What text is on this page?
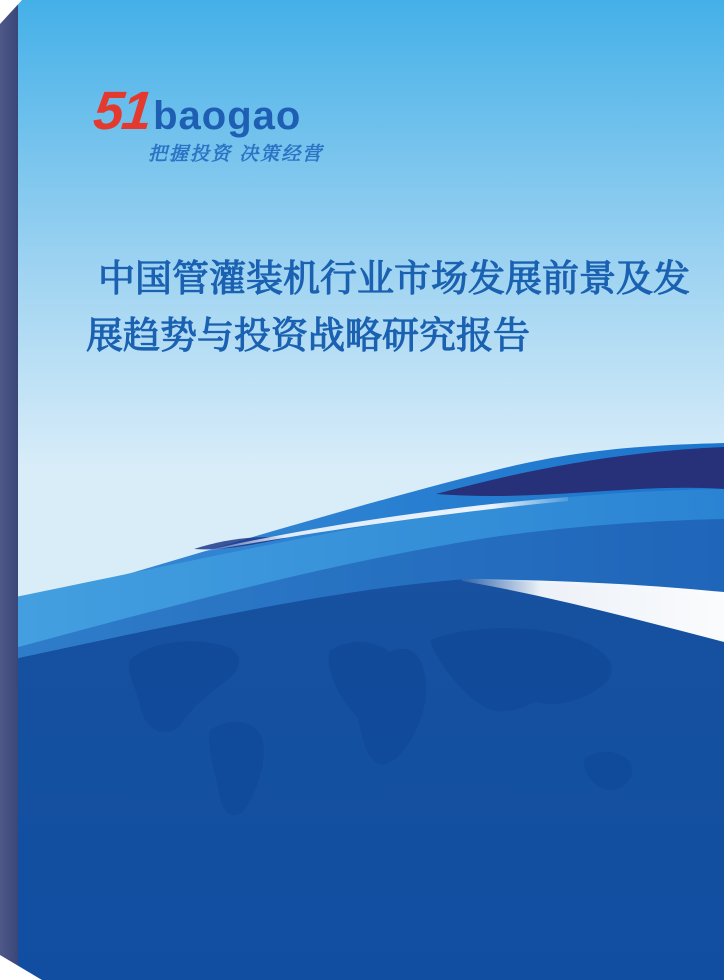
51 baogao
把握投资 决策经营
中国管灌装机行业市场发展前景及发展趋势与投资战略研究报告
